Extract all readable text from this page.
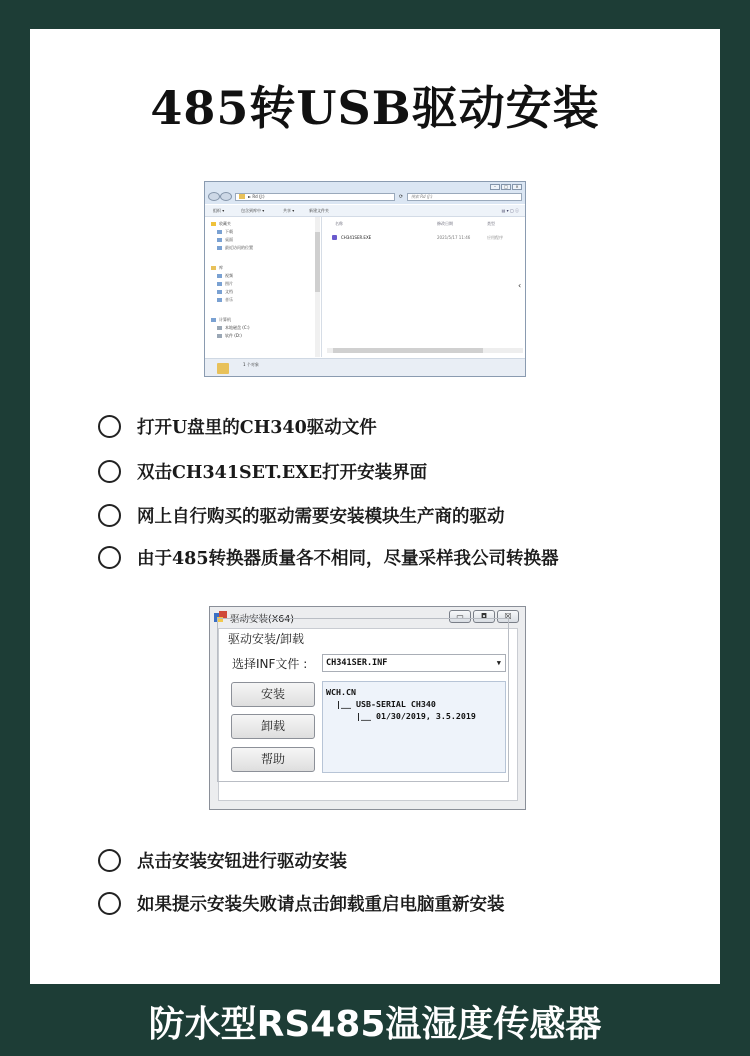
485转USB驱动安装
–	□	×
► Rd (J:)	⟳	搜索 Rd (J:)
组织 ▾	包含到库中 ▾	共享 ▾	新建文件夹	▤ ▾ ▢ ⓘ
收藏夹
下载
桌面
最近访问的位置
库
视频
图片
文档
音乐
计算机
本地磁盘 (C:)
软件 (D:)
名称	修改日期	类型
CH341SER.EXE	2021/5/17 11:46	应用程序
‹
1 个对象
打开U盘里的CH340驱动文件
双击CH341SET.EXE打开安装界面
网上自行购买的驱动需要安装模块生产商的驱动
由于485转换器质量各不相同，尽量采样我公司转换器
驱动安装(X64)	▭	◘	☒
驱动安装/卸载
选择INF文件 :	CH341SER.INF	▼
安装
卸载
帮助
WCH.CN
|__ USB-SERIAL CH340
|__ 01/30/2019, 3.5.2019
点击安装安钮进行驱动安装
如果提示安装失败请点击卸载重启电脑重新安装
防水型RS485温湿度传感器
